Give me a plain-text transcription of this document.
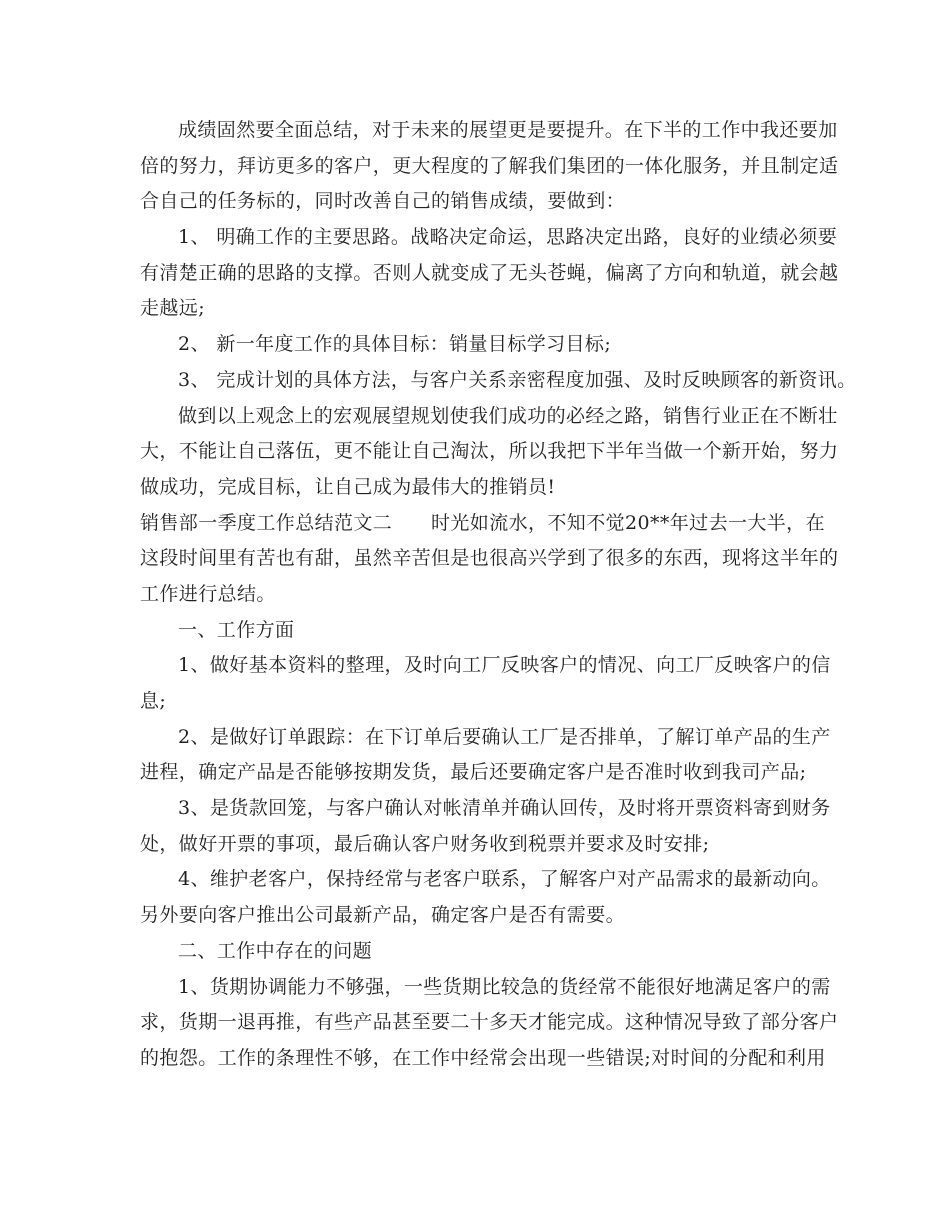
成绩固然要全面总结，对于未来的展望更是要提升。在下半的工作中我还要加
倍的努力，拜访更多的客户，更大程度的了解我们集团的一体化服务，并且制定适
合自己的任务标的，同时改善自己的销售成绩，要做到：
1、 明确工作的主要思路。战略决定命运，思路决定出路，良好的业绩必须要
有清楚正确的思路的支撑。否则人就变成了无头苍蝇，偏离了方向和轨道，就会越
走越远;
2、 新一年度工作的具体目标：销量目标学习目标;
3、 完成计划的具体方法，与客户关系亲密程度加强、及时反映顾客的新资讯。
做到以上观念上的宏观展望规划使我们成功的必经之路，销售行业正在不断壮
大，不能让自己落伍，更不能让自己淘汰，所以我把下半年当做一个新开始，努力
做成功，完成目标，让自己成为最伟大的推销员!
销售部一季度工作总结范文二　　时光如流水，不知不觉20**年过去一大半，在
这段时间里有苦也有甜，虽然辛苦但是也很高兴学到了很多的东西，现将这半年的
工作进行总结。
一、工作方面
1、做好基本资料的整理，及时向工厂反映客户的情况、向工厂反映客户的信
息;
2、是做好订单跟踪：在下订单后要确认工厂是否排单，了解订单产品的生产
进程，确定产品是否能够按期发货，最后还要确定客户是否准时收到我司产品;
3、是货款回笼，与客户确认对帐清单并确认回传，及时将开票资料寄到财务
处，做好开票的事项，最后确认客户财务收到税票并要求及时安排;
4、维护老客户，保持经常与老客户联系，了解客户对产品需求的最新动向。
另外要向客户推出公司最新产品，确定客户是否有需要。
二、工作中存在的问题
1、货期协调能力不够强，一些货期比较急的货经常不能很好地满足客户的需
求，货期一退再推，有些产品甚至要二十多天才能完成。这种情况导致了部分客户
的抱怨。工作的条理性不够，在工作中经常会出现一些错误;对时间的分配和利用
